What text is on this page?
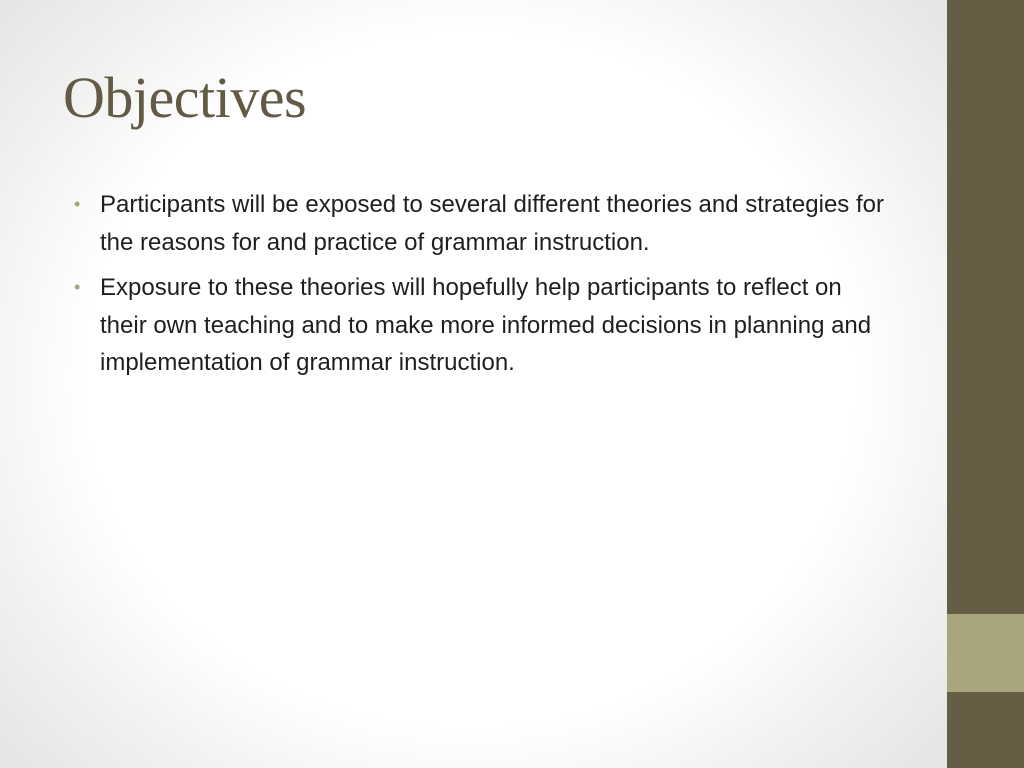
Objectives
• Participants will be exposed to several different theories and strategies for the reasons for and practice of grammar instruction.
• Exposure to these theories will hopefully help participants to reflect on their own teaching and to make more informed decisions in planning and implementation of grammar instruction.
